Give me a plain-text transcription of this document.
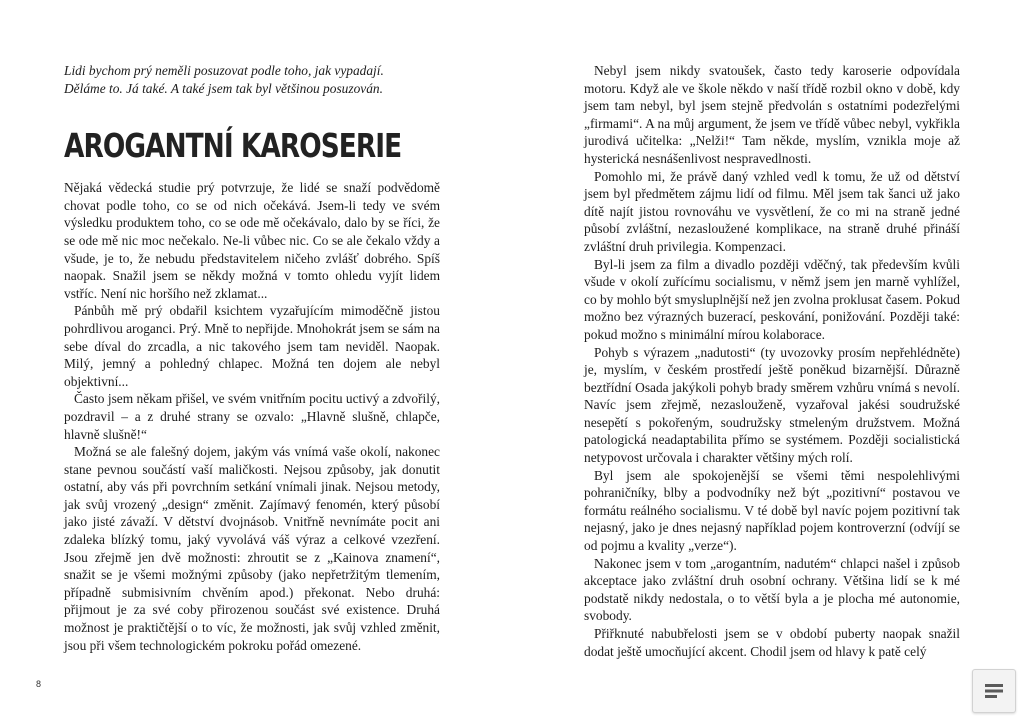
Lidi bychom prý neměli posuzovat podle toho, jak vypadají.

Děláme to. Já také. A také jsem tak byl většinou posuzován.

AROGANTNÍ KAROSERIE

Nějaká vědecká studie prý potvrzuje, že lidé se snaží podvědomě chovat podle toho, co se od nich očekává. Jsem-li tedy ve svém výsledku produktem toho, co se ode mě očekávalo, dalo by se říci, že se ode mě nic moc nečekalo. Ne-li vůbec nic. Co se ale čekalo vždy a všude, je to, že nebudu představitelem ničeho zvlášť dobrého. Spíš naopak. Snažil jsem se někdy možná v tomto ohledu vyjít lidem vstříc. Není nic horšího než zklamat...

Pánbůh mě prý obdařil ksichtem vyzařujícím mimoděčně jistou pohrdlivou aroganci. Prý. Mně to nepřijde. Mnohokrát jsem se sám na sebe díval do zrcadla, a nic takového jsem tam neviděl. Naopak. Milý, jemný a pohledný chlapec. Možná ten dojem ale nebyl objektivní...

Často jsem někam přišel, ve svém vnitřním pocitu uctivý a zdvořilý, pozdravil – a z druhé strany se ozvalo: „Hlavně slušně, chlapče, hlavně slušně!“

Možná se ale falešný dojem, jakým vás vnímá vaše okolí, nakonec stane pevnou součástí vaší maličkosti. Nejsou způsoby, jak donutit ostatní, aby vás při povrchním setkání vnímali jinak. Nejsou metody, jak svůj vrozený „design“ změnit. Zajímavý fenomén, který působí jako jisté závaží. V dětství dvojnásob. Vnitřně nevnímáte pocit ani zdaleka blízký tomu, jaký vyvolává váš výraz a celkové vzezření. Jsou zřejmě jen dvě možnosti: zhroutit se z „Kainova znamení“, snažit se je všemi možnými způsoby (jako nepřetržitým tlemením, případně submisivním chvěním apod.) překonat. Nebo druhá: přijmout je za své coby přirozenou součást své existence. Druhá možnost je praktičtější o to víc, že možnosti, jak svůj vzhled změnit, jsou při všem technologickém pokroku pořád omezené.

Nebyl jsem nikdy svatoušek, často tedy karoserie odpovídala motoru. Když ale ve škole někdo v naší třídě rozbil okno v době, kdy jsem tam nebyl, byl jsem stejně předvolán s ostatními podezřelými „firmami“. A na můj argument, že jsem ve třídě vůbec nebyl, vykřikla jurodivá učitelka: „Nelži!“ Tam někde, myslím, vznikla moje až hysterická nesnášenlivost nespravedlnosti.

Pomohlo mi, že právě daný vzhled vedl k tomu, že už od dětství jsem byl předmětem zájmu lidí od filmu. Měl jsem tak šanci už jako dítě najít jistou rovnováhu ve vysvětlení, že co mi na straně jedné působí zvláštní, nezasloužené komplikace, na straně druhé přináší zvláštní druh privilegia. Kompenzaci.

Byl-li jsem za film a divadlo později vděčný, tak především kvůli všude v okolí zuřícímu socialismu, v němž jsem jen marně vyhlížel, co by mohlo být smysluplnější než jen zvolna proklusat časem. Pokud možno bez výrazných buzerací, peskování, ponižování. Později také: pokud možno s minimální mírou kolaborace.

Pohyb s výrazem „nadutosti“ (ty uvozovky prosím nepřehlédněte) je, myslím, v českém prostředí ještě poněkud bizarnější. Důrazně beztřídní Osada jakýkoli pohyb brady směrem vzhůru vnímá s nevolí. Navíc jsem zřejmě, nezaslouženě, vyzařoval jakési soudružské nesepětí s pokořeným, soudružsky stmeleným družstvem. Možná patologická neadaptabilita přímo se systémem. Později socialistická netypovost určovala i charakter většiny mých rolí.

Byl jsem ale spokojenější se všemi těmi nespolehlivými pohraničníky, blby a podvodníky než být „pozitivní“ postavou ve formátu reálného socialismu. V té době byl navíc pojem pozitivní tak nejasný, jako je dnes nejasný například pojem kontroverzní (odvíjí se od pojmu a kvality „verze“).

Nakonec jsem v tom „arogantním, nadutém“ chlapci našel i způsob akceptace jako zvláštní druh osobní ochrany. Většina lidí se k mé podstatě nikdy nedostala, o to větší byla a je plocha mé autonomie, svobody.

Přiřknuté nabubřelosti jsem se v období puberty naopak snažil dodat ještě umocňující akcent. Chodil jsem od hlavy k patě celý

8
